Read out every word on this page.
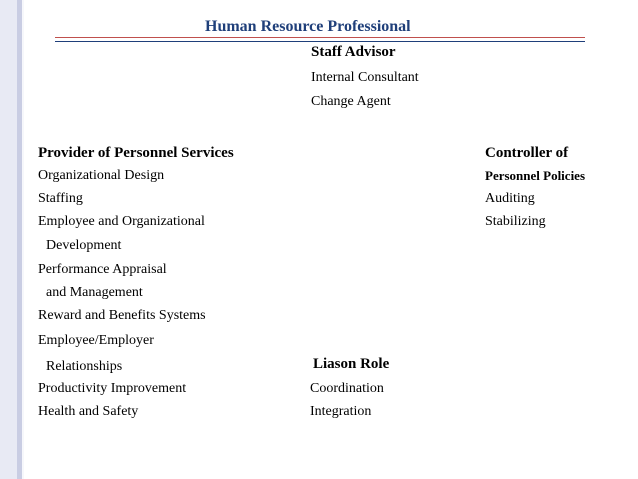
Human Resource Professional
Staff Advisor
Internal Consultant
Change Agent
Provider of Personnel Services
Organizational Design
Staffing
Employee and Organizational
Development
Performance Appraisal
and Management
Reward and Benefits Systems
Employee/Employer
Relationships
Productivity Improvement
Health and Safety
Controller of
Personnel Policies
Auditing
Stabilizing
Liason Role
Coordination
Integration
